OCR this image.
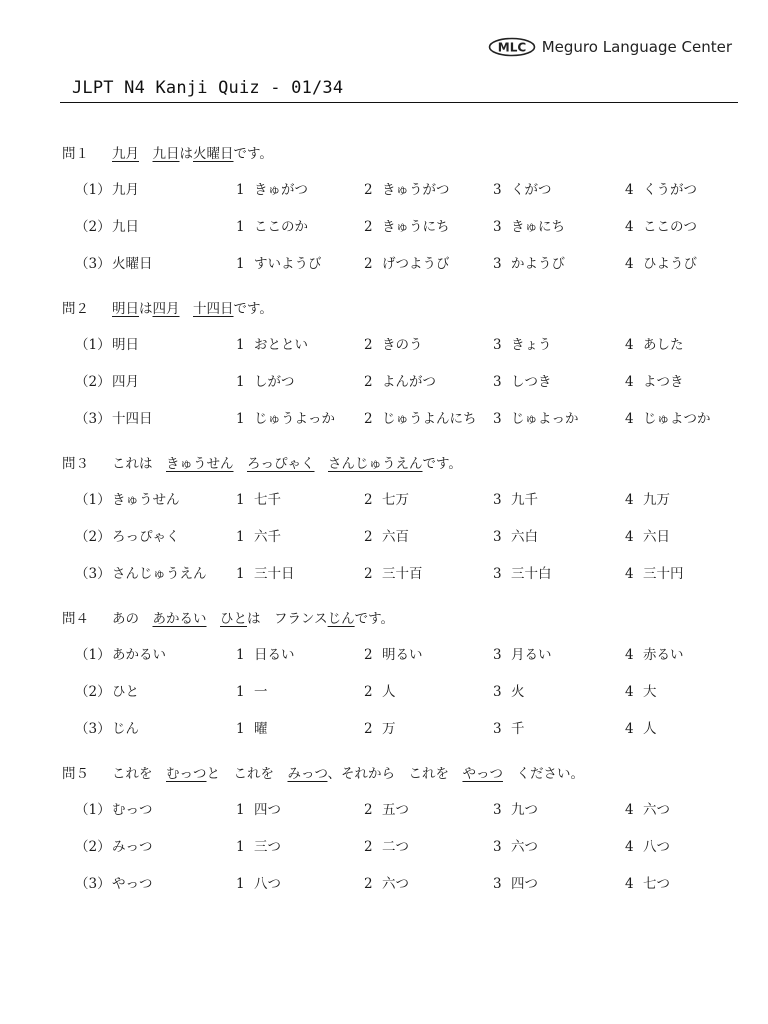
MLC Meguro Language Center
JLPT N4 Kanji Quiz - 01/34
問１ 九月　 九日は火曜日です。
（1） 九月	1 きゅがつ	2 きゅうがつ	3 くがつ	4 くうがつ
（2） 九日	1 ここのか	2 きゅうにち	3 きゅにち	4 ここのつ
（3） 火曜日	1 すいようび	2 げつようび	3 かようび	4 ひようび
問２ 明日は四月　 十四日です。
（1） 明日	1 おととい	2 きのう	3 きょう	4 あした
（2） 四月	1 しがつ	2 よんがつ	3 しつき	4 よつき
（3） 十四日	1 じゅうよっか 2 じゅうよんにち 3 じゅよっか	4 じゅよつか
問３ これは　きゅうせん　 ろっぴゃく　 さんじゅうえんです。
（1） きゅうせん	1 七千	2 七万	3 九千	4 九万
（2） ろっぴゃく	1 六千	2 六百	3 六白	4 六日
（3） さんじゅうえん 1 三十日	2 三十百	3 三十白	4 三十円
問４ あの　あかるい　 ひとは　フランスじんです。
（1） あかるい	1 日るい	2 明るい	3 月るい	4 赤るい
（2） ひと	1 一	2 人	3 火	4 大
（3） じん	1 曜	2 万	3 千	4 人
問５ これを　むっつと　これを　みっつ、それから　これを　やっつ　ください。
（1） むっつ	1 四つ	2 五つ	3 九つ	4 六つ
（2） みっつ	1 三つ	2 二つ	3 六つ	4 八つ
（3） やっつ	1 八つ	2 六つ	3 四つ	4 七つ
